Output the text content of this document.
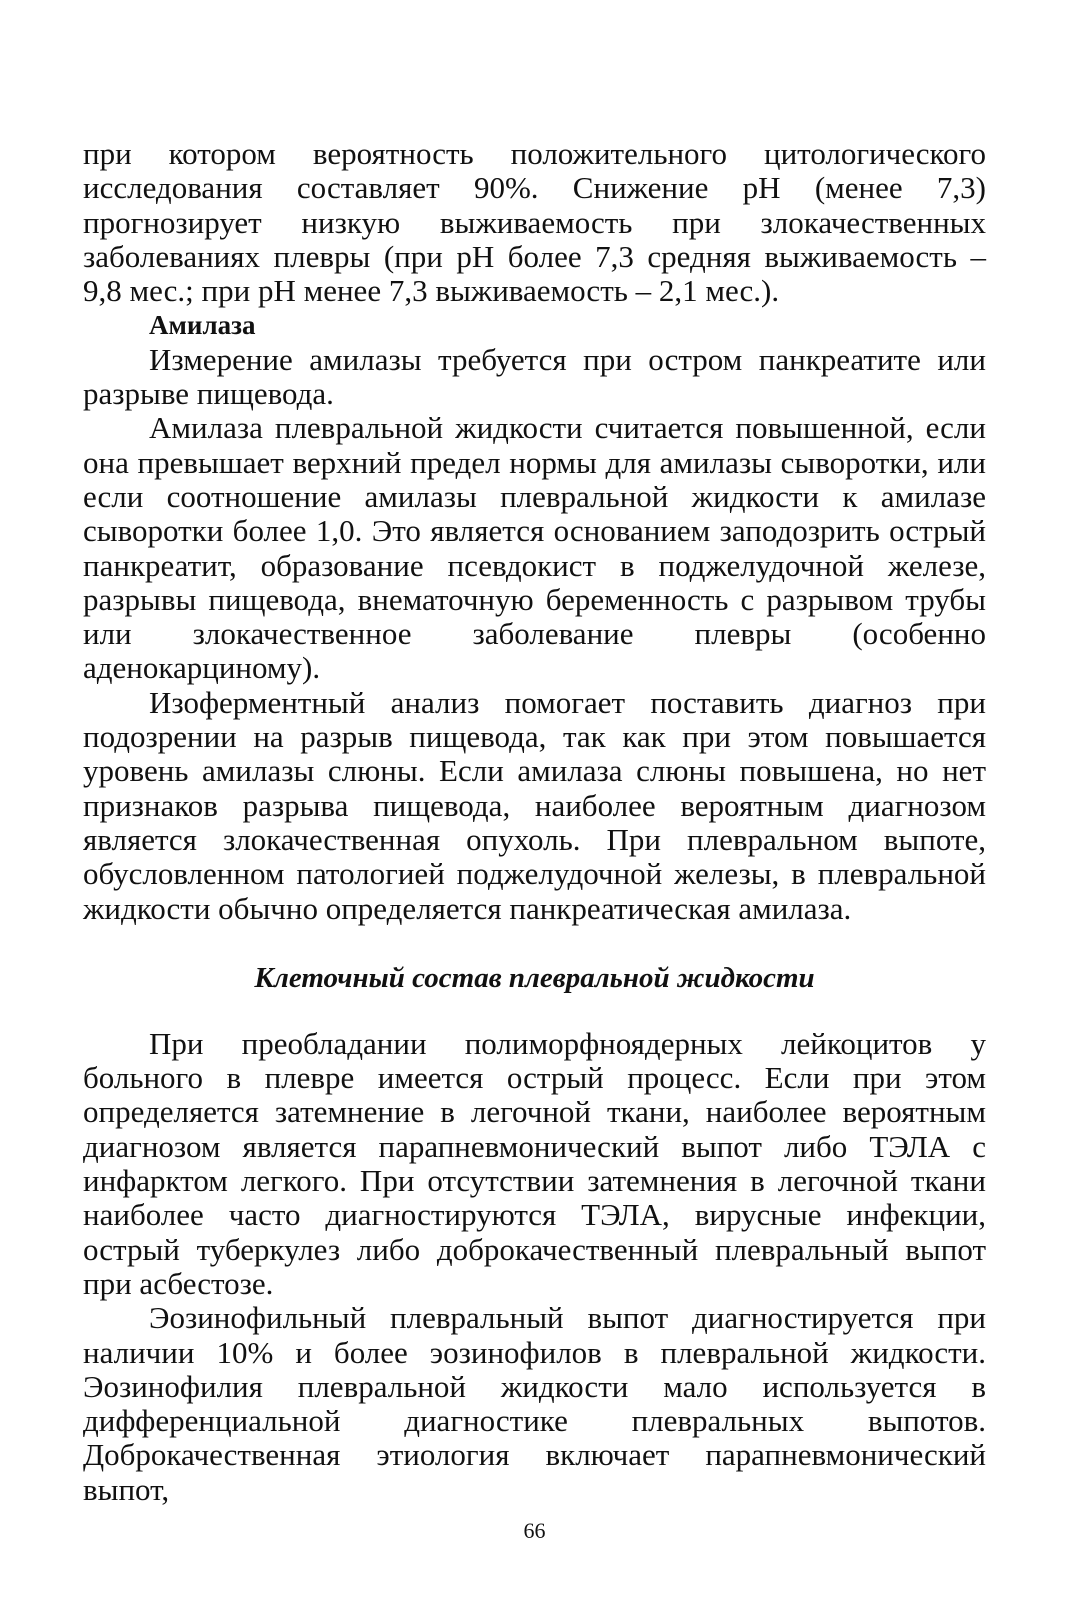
при котором вероятность положительного цитологического исследования составляет 90%. Снижение рН (менее 7,3) прогнозирует низкую выживаемость при злокачественных заболеваниях плевры (при рН более 7,3 средняя выживаемость – 9,8 мес.; при рН менее 7,3 выживаемость – 2,1 мес.).

Амилаза

Измерение амилазы требуется при остром панкреатите или разрыве пищевода.

Амилаза плевральной жидкости считается повышенной, если она превышает верхний предел нормы для амилазы сыворотки, или если соотношение амилазы плевральной жидкости к амилазе сыворотки более 1,0. Это является основанием заподозрить острый панкреатит, образование псевдокист в поджелудочной железе, разрывы пищевода, внематочную беременность с разрывом трубы или злокачественное заболевание плевры (особенно аденокарциному).

Изоферментный анализ помогает поставить диагноз при подозрении на разрыв пищевода, так как при этом повышается уровень амилазы слюны. Если амилаза слюны повышена, но нет признаков разрыва пищевода, наиболее вероятным диагнозом является злокачественная опухоль. При плевральном выпоте, обусловленном патологией поджелудочной железы, в плевральной жидкости обычно определяется панкреатическая амилаза.

Клеточный состав плевральной жидкости

При преобладании полиморфноядерных лейкоцитов у больного в плевре имеется острый процесс. Если при этом определяется затемнение в легочной ткани, наиболее вероятным диагнозом является парапневмонический выпот либо ТЭЛА с инфарктом легкого. При отсутствии затемнения в легочной ткани наиболее часто диагностируются ТЭЛА, вирусные инфекции, острый туберкулез либо доброкачественный плевральный выпот при асбестозе.

Эозинофильный плевральный выпот диагностируется при наличии 10% и более эозинофилов в плевральной жидкости. Эозинофилия плевральной жидкости мало используется в дифференциальной диагностике плевральных выпотов. Доброкачественная этиология включает парапневмонический выпот,

66
